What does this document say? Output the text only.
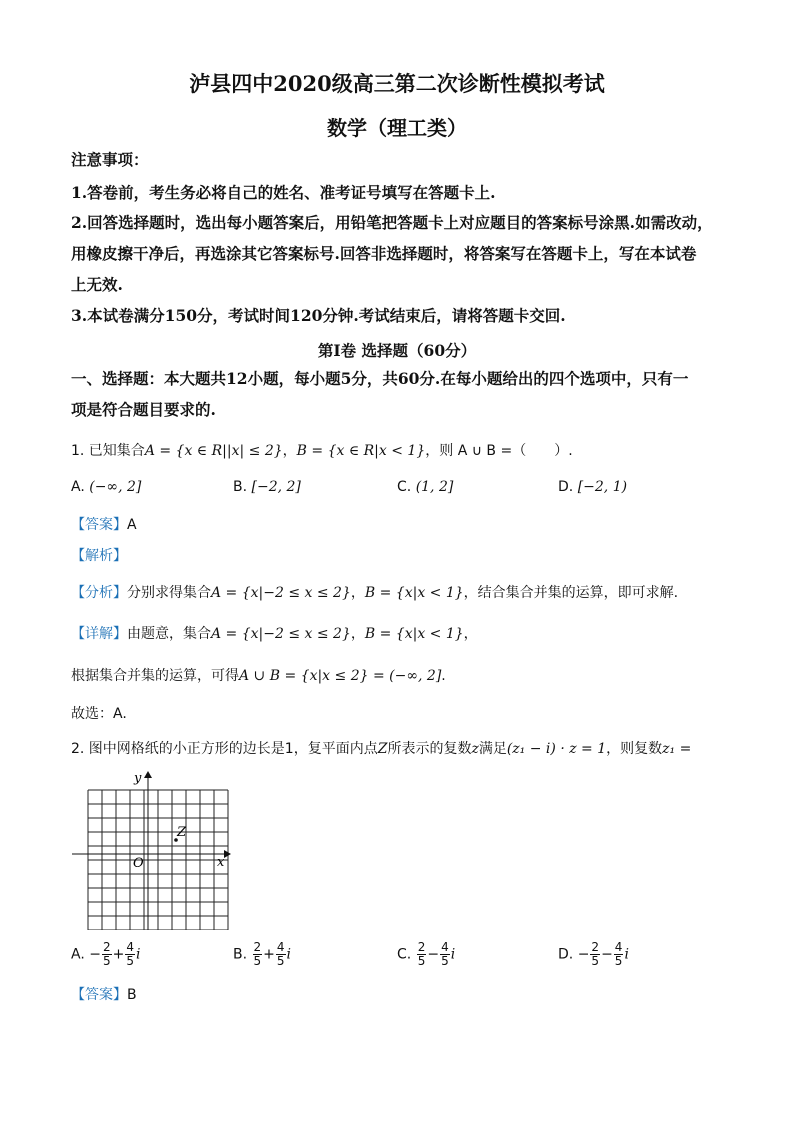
泸县四中2020级高三第二次诊断性模拟考试
数学（理工类）
注意事项：
1.答卷前，考生务必将自己的姓名、准考证号填写在答题卡上.
2.回答选择题时，选出每小题答案后，用铅笔把答题卡上对应题目的答案标号涂黑.如需改动，
用橡皮擦干净后，再选涂其它答案标号.回答非选择题时，将答案写在答题卡上，写在本试卷
上无效.
3.本试卷满分150分，考试时间120分钟.考试结束后，请将答题卡交回.
第Ⅰ卷 选择题（60分）
一、选择题：本大题共12小题，每小题5分，共60分.在每小题给出的四个选项中，只有一
项是符合题目要求的.
1. 已知集合A = {x ∈ R||x| ≤ 2}，B = {x ∈ R|x < 1}，则 A ∪ B =（　　）.
A. (−∞, 2]	B. [−2, 2]	C. (1, 2]	D. [−2, 1)
【答案】A
【解析】
【分析】分别求得集合A = {x|−2 ≤ x ≤ 2}，B = {x|x < 1}，结合集合并集的运算，即可求解.
【详解】由题意，集合A = {x|−2 ≤ x ≤ 2}，B = {x|x < 1}，
根据集合并集的运算，可得A ∪ B = {x|x ≤ 2} = (−∞, 2].
故选：A.
2. 图中网格纸的小正方形的边长是1，复平面内点Z所表示的复数z满足(z₁ − i) · z = 1，则复数z₁ =
x
y
O
Z
A. − $\frac{2}{5} + \frac{4}{5}$ i	B. $\frac{2}{5} + \frac{4}{5}$ i	C. $\frac{2}{5} - \frac{4}{5}$ i	D. − $\frac{2}{5} - \frac{4}{5}$ i
【答案】B
